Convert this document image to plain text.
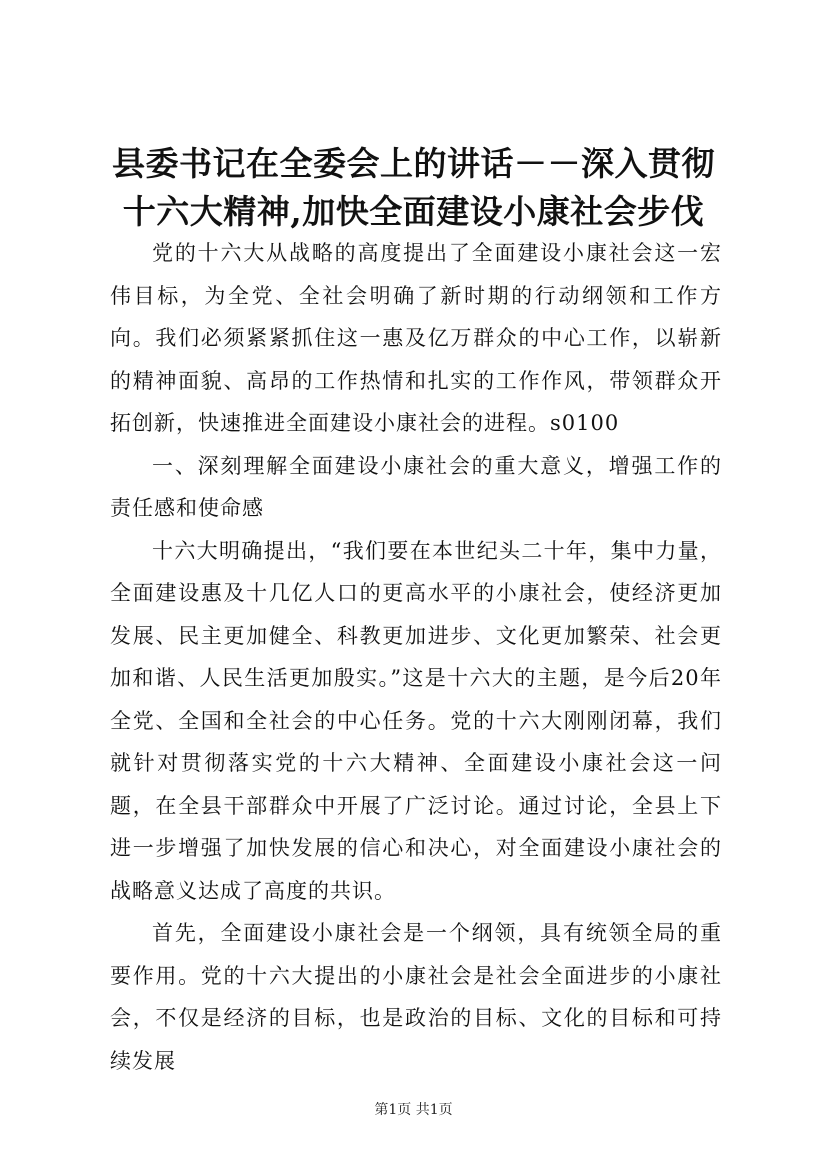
县委书记在全委会上的讲话－－深入贯彻十六大精神,加快全面建设小康社会步伐

党的十六大从战略的高度提出了全面建设小康社会这一宏伟目标，为全党、全社会明确了新时期的行动纲领和工作方向。我们必须紧紧抓住这一惠及亿万群众的中心工作，以崭新的精神面貌、高昂的工作热情和扎实的工作作风，带领群众开拓创新，快速推进全面建设小康社会的进程。s0100

一、深刻理解全面建设小康社会的重大意义，增强工作的责任感和使命感

十六大明确提出，“我们要在本世纪头二十年，集中力量，全面建设惠及十几亿人口的更高水平的小康社会，使经济更加发展、民主更加健全、科教更加进步、文化更加繁荣、社会更加和谐、人民生活更加殷实。”这是十六大的主题，是今后20年全党、全国和全社会的中心任务。党的十六大刚刚闭幕，我们就针对贯彻落实党的十六大精神、全面建设小康社会这一问题，在全县干部群众中开展了广泛讨论。通过讨论，全县上下进一步增强了加快发展的信心和决心，对全面建设小康社会的战略意义达成了高度的共识。

首先，全面建设小康社会是一个纲领，具有统领全局的重要作用。党的十六大提出的小康社会是社会全面进步的小康社会，不仅是经济的目标，也是政治的目标、文化的目标和可持续发展

第1页 共1页
